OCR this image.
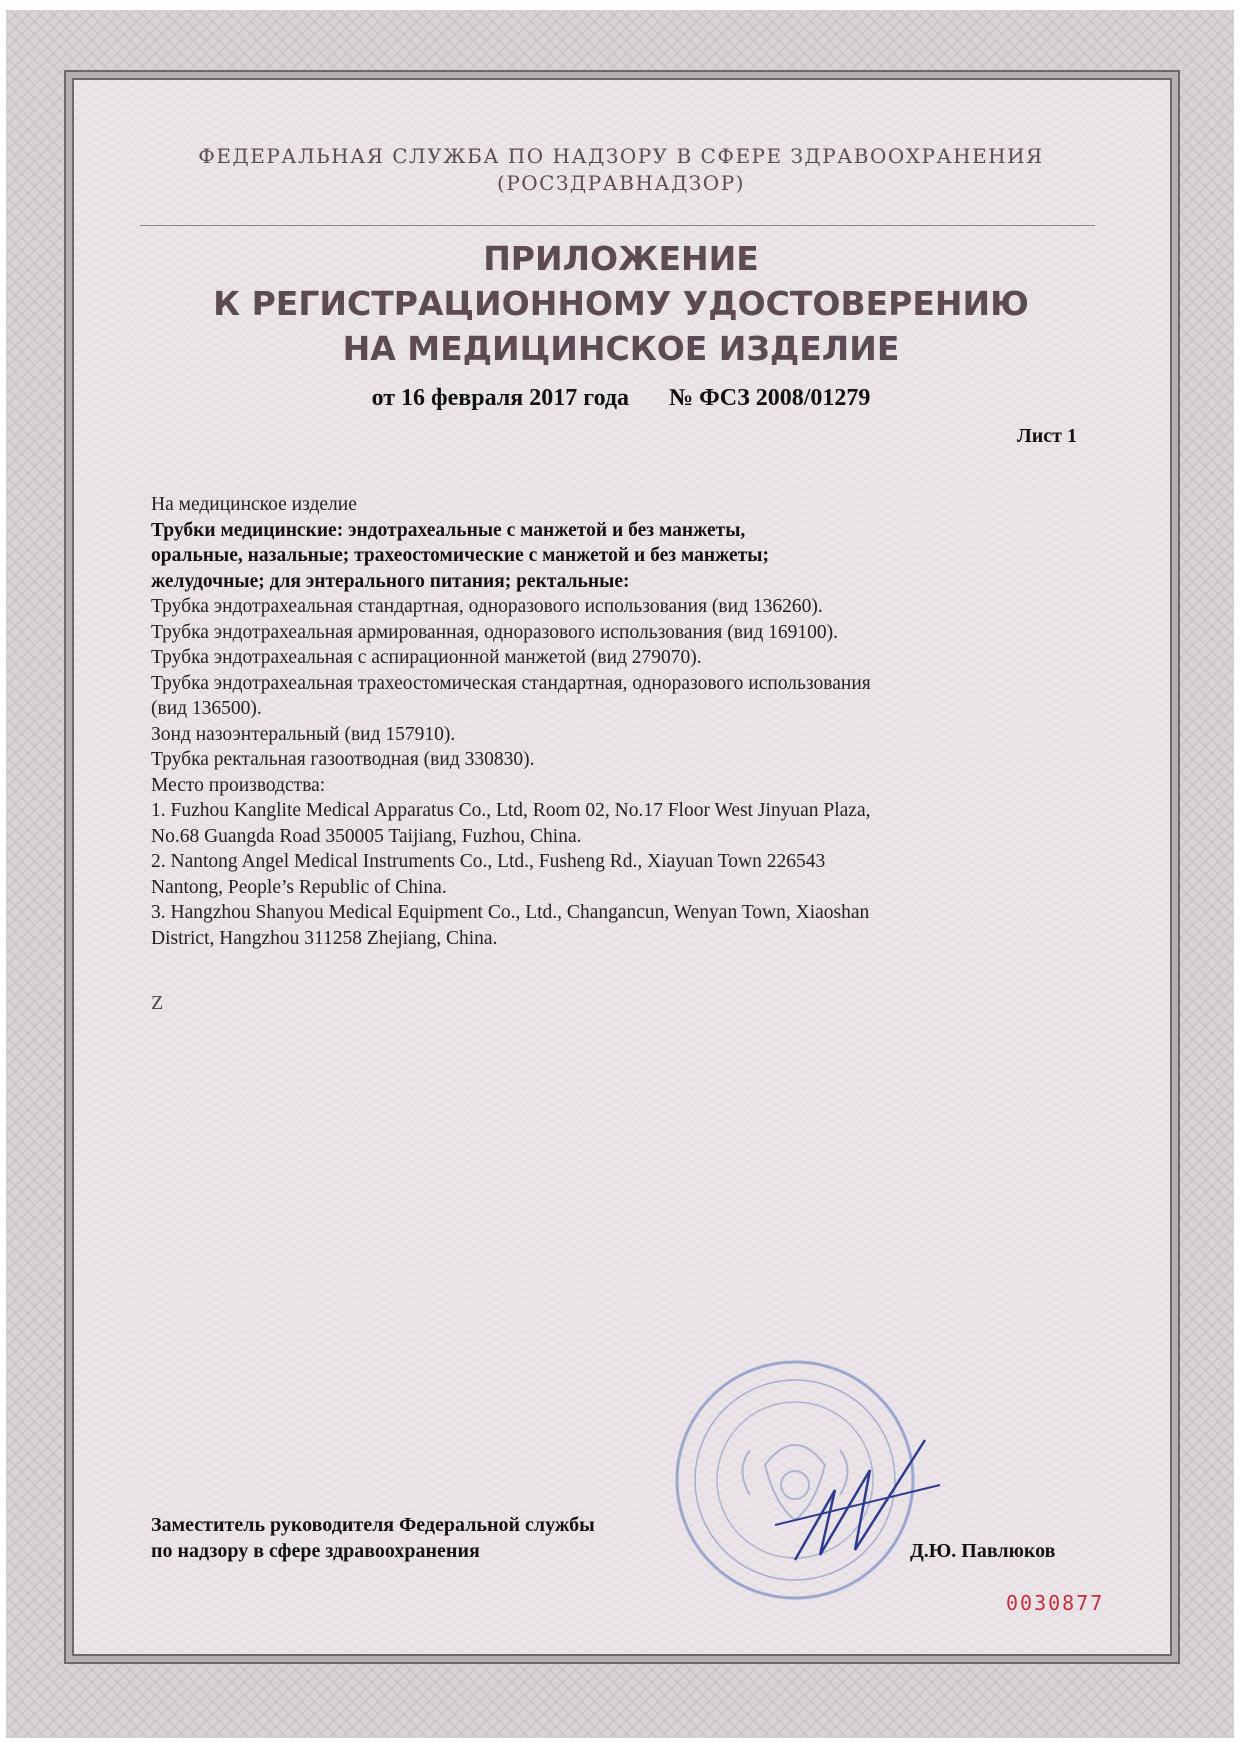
ФЕДЕРАЛЬНАЯ СЛУЖБА ПО НАДЗОРУ В СФЕРЕ ЗДРАВООХРАНЕНИЯ
(РОСЗДРАВНАДЗОР)
ПРИЛОЖЕНИЕ
К РЕГИСТРАЦИОННОМУ УДОСТОВЕРЕНИЮ
НА МЕДИЦИНСКОЕ ИЗДЕЛИЕ
от 16 февраля 2017 года № ФСЗ 2008/01279
Лист 1
На медицинское изделие
Трубки медицинские: эндотрахеальные с манжетой и без манжеты,
оральные, назальные; трахеостомические с манжетой и без манжеты;
желудочные; для энтерального питания; ректальные:
Трубка эндотрахеальная стандартная, одноразового использования (вид 136260).
Трубка эндотрахеальная армированная, одноразового использования (вид 169100).
Трубка эндотрахеальная с аспирационной манжетой (вид 279070).
Трубка эндотрахеальная трахеостомическая стандартная, одноразового использования
(вид 136500).
Зонд назоэнтеральный (вид 157910).
Трубка ректальная газоотводная (вид 330830).
Место производства:
1. Fuzhou Kanglite Medical Apparatus Co., Ltd, Room 02, No.17 Floor West Jinyuan Plaza,
No.68 Guangda Road 350005 Taijiang, Fuzhou, China.
2. Nantong Angel Medical Instruments Co., Ltd., Fusheng Rd., Xiayuan Town 226543
Nantong, People’s Republic of China.
3. Hangzhou Shanyou Medical Equipment Co., Ltd., Changancun, Wenyan Town, Xiaoshan
District, Hangzhou 311258 Zhejiang, China.
Z
Заместитель руководителя Федеральной службы
по надзору в сфере здравоохранения	Д.Ю. Павлюков
0030877
